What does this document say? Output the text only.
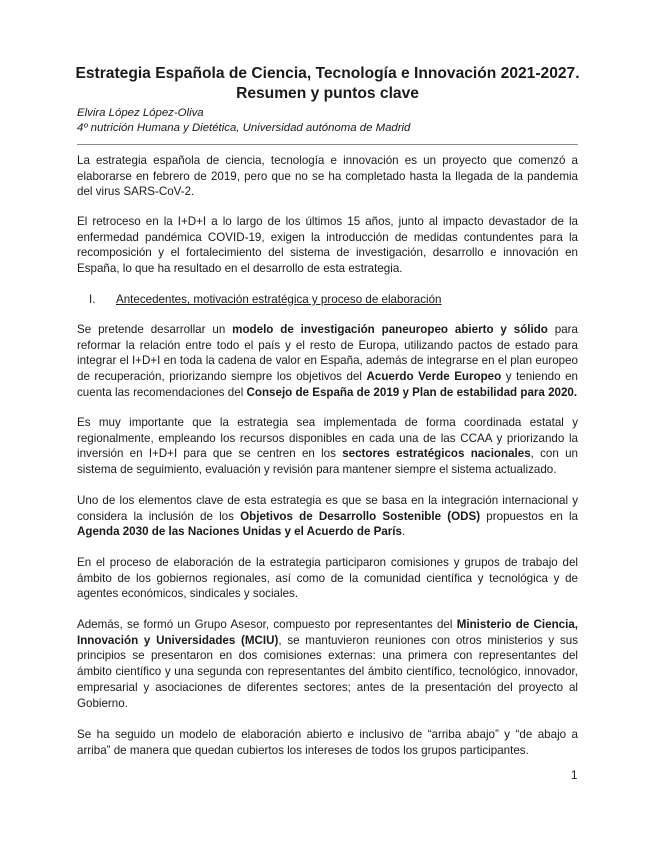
Estrategia Española de Ciencia, Tecnología e Innovación 2021-2027.

Resumen y puntos clave

Elvira López López-Oliva

4º nutrición Humana y Dietética, Universidad autónoma de Madrid

La estrategia española de ciencia, tecnología e innovación es un proyecto que comenzó a elaborarse en febrero de 2019, pero que no se ha completado hasta la llegada de la pandemia del virus SARS-CoV-2.

El retroceso en la I+D+I a lo largo de los últimos 15 años, junto al impacto devastador de la enfermedad pandémica COVID-19, exigen la introducción de medidas contundentes para la recomposición y el fortalecimiento del sistema de investigación, desarrollo e innovación en España, lo que ha resultado en el desarrollo de esta estrategia.

I. Antecedentes, motivación estratégica y proceso de elaboración

Se pretende desarrollar un modelo de investigación paneuropeo abierto y sólido para reformar la relación entre todo el país y el resto de Europa, utilizando pactos de estado para integrar el I+D+I en toda la cadena de valor en España, además de integrarse en el plan europeo de recuperación, priorizando siempre los objetivos del Acuerdo Verde Europeo y teniendo en cuenta las recomendaciones del Consejo de España de 2019 y Plan de estabilidad para 2020.

Es muy importante que la estrategia sea implementada de forma coordinada estatal y regionalmente, empleando los recursos disponibles en cada una de las CCAA y priorizando la inversión en I+D+I para que se centren en los sectores estratégicos nacionales, con un sistema de seguimiento, evaluación y revisión para mantener siempre el sistema actualizado.

Uno de los elementos clave de esta estrategia es que se basa en la integración internacional y considera la inclusión de los Objetivos de Desarrollo Sostenible (ODS) propuestos en la Agenda 2030 de las Naciones Unidas y el Acuerdo de París.

En el proceso de elaboración de la estrategia participaron comisiones y grupos de trabajo del ámbito de los gobiernos regionales, así como de la comunidad científica y tecnológica y de agentes económicos, sindicales y sociales.

Además, se formó un Grupo Asesor, compuesto por representantes del Ministerio de Ciencia, Innovación y Universidades (MCIU), se mantuvieron reuniones con otros ministerios y sus principios se presentaron en dos comisiones externas: una primera con representantes del ámbito científico y una segunda con representantes del ámbito científico, tecnológico, innovador, empresarial y asociaciones de diferentes sectores; antes de la presentación del proyecto al Gobierno.

Se ha seguido un modelo de elaboración abierto e inclusivo de “arriba abajo” y “de abajo a arriba” de manera que quedan cubiertos los intereses de todos los grupos participantes.

1
